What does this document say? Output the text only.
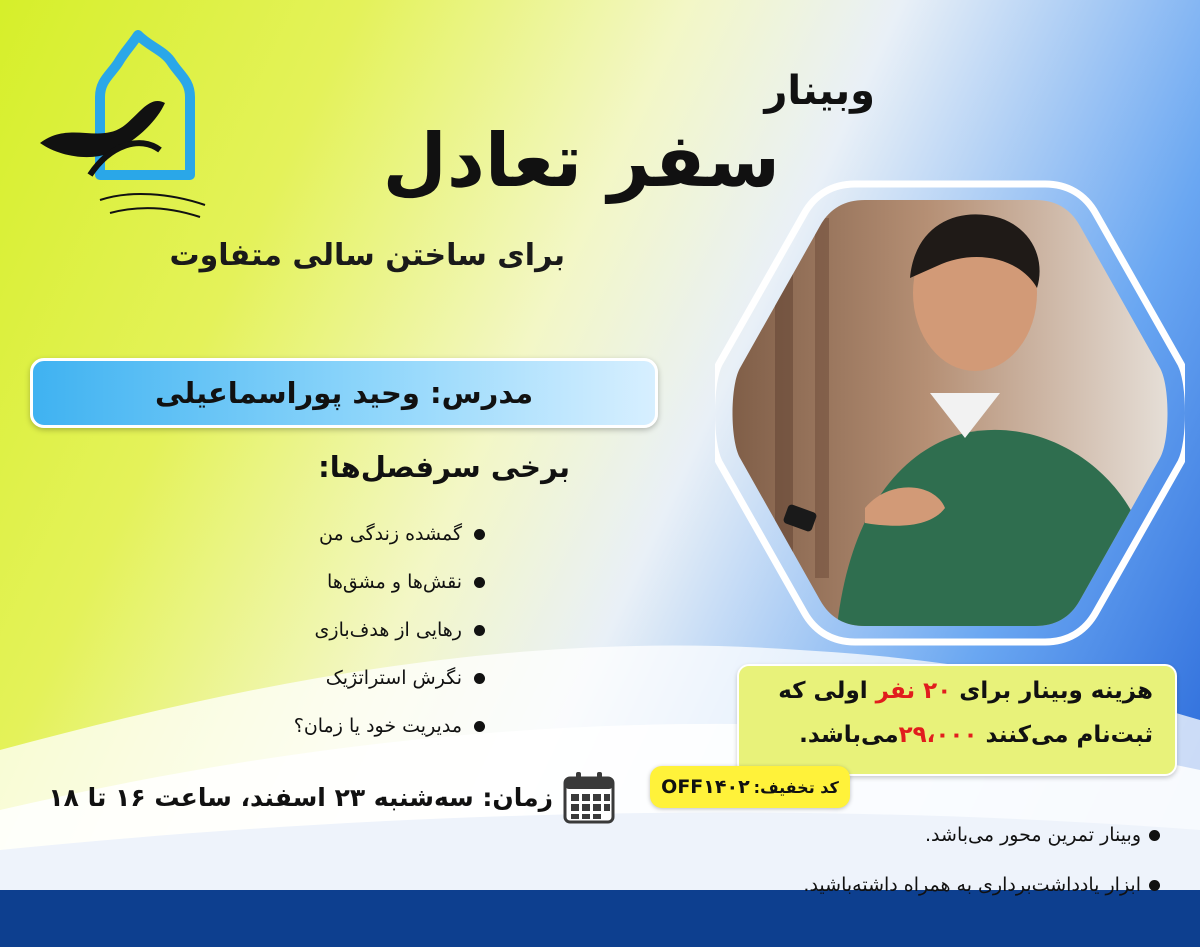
وبینار
سفر تعادل
برای ساختن سالی متفاوت
مدرس: وحید پوراسماعیلی
برخی سرفصل‌ها:
گمشده زندگی من
نقش‌ها و مشق‌ها
رهایی از هدف‌بازی
نگرش استراتژیک
مدیریت خود یا زمان؟
زمان: سه‌شنبه ۲۳ اسفند، ساعت ۱۶ تا ۱۸
هزینه وبینار برای ۲۰ نفر اولی که
ثبت‌نام می‌کنند ۲۹،۰۰۰می‌باشد.
کد تخفیف:
OFF۱۴۰۲
وبینار تمرین محور می‌باشد.
ابزار یادداشت‌برداری به همراه داشته‌باشید.
